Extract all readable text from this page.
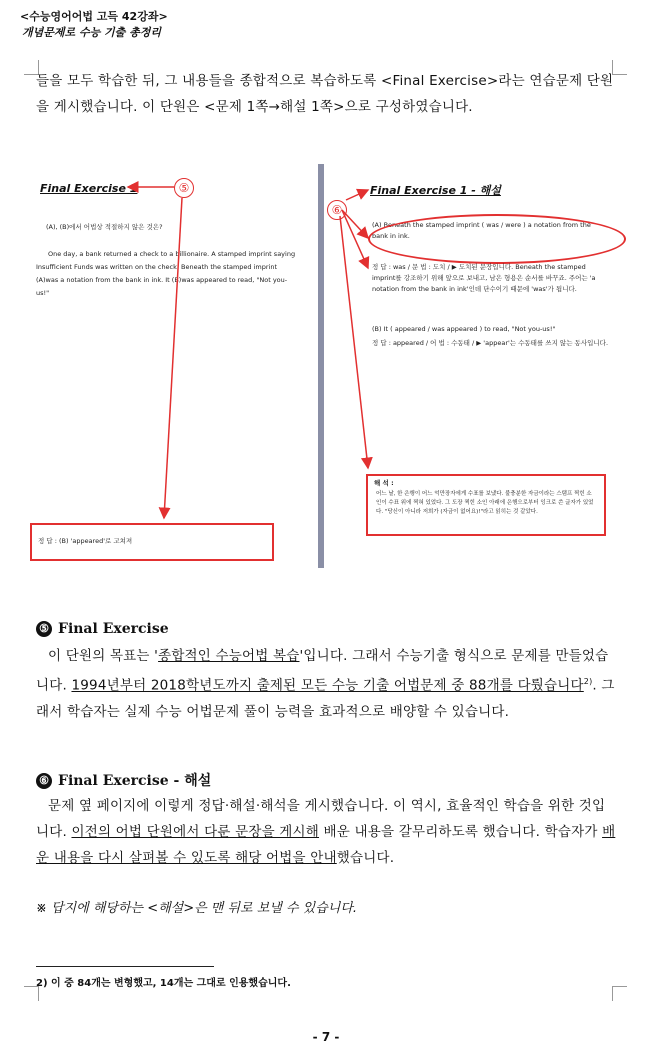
<수능영어어법 고득 42강좌>
개념문제로 수능 기출 총정리
들을 모두 학습한 뒤, 그 내용들을 종합적으로 복습하도록 <Final Exercise>라는 연습문제 단원을 게시했습니다. 이 단원은 <문제 1쪽→해설 1쪽>으로 구성하였습니다.
Final Exercise 1	⑤
(A), (B)에서 어법상 적절하지 않은 것은?
One day, a bank returned a check to a billionaire. A stamped imprint saying Insufficient Funds was written on the check. Beneath the stamped imprint (A)was a notation from the bank in ink. It (B)was appeared to read, "Not you-us!"
정 답 : (B) 'appeared'로 고쳐져
Final Exercise 1 - 해설
⑥
(A) Beneath the stamped imprint ( was / were ) a notation from the bank in ink.
정 답 : was / 문 법 : 도치 / ▶ 도치된 문장입니다. Beneath the stamped imprint를 강조하기 위해 앞으로 보내고, 남은 형용은 순서를 바꾸죠. 주어는 'a notation from the bank in ink'인데 단수이기 때문에 'was'가 됩니다.
(B) It ( appeared / was appeared ) to read, "Not you-us!"
정 답 : appeared / 어 법 : 수동태 / ▶ 'appear'는 수동태를 쓰지 않는 동사입니다.
해 석 :
어느 날, 한 은행이 어느 억만장자에게 수표를 보냈다. 불충분한 자금이라는 스탬프 찍힌 소인이 수표 위에 찍혀 있었다. 그 도장 찍힌 소인 아래에 은행으로부터 잉크로 쓴 글자가 있었다. "당신이 아니라 저희가 (자금이 없어요)!"라고 읽히는 것 같았다.
⑤ Final Exercise
이 단원의 목표는 '종합적인 수능어법 복습'입니다. 그래서 수능기출 형식으로 문제를 만들었습니다. 1994년부터 2018학년도까지 출제된 모든 수능 기출 어법문제 중 88개를 다뤘습니다$^{2)}$. 그래서 학습자는 실제 수능 어법문제 풀이 능력을 효과적으로 배양할 수 있습니다.
⑥ Final Exercise - 해설
문제 옆 페이지에 이렇게 정답·해설·해석을 게시했습니다. 이 역시, 효율적인 학습을 위한 것입니다. 이전의 어법 단원에서 다룬 문장을 게시해 배운 내용을 갈무리하도록 했습니다. 학습자가 배운 내용을 다시 살펴볼 수 있도록 해당 어법을 안내했습니다.
※ 답지에 해당하는 <해설>은 맨 뒤로 보낼 수 있습니다.
2) 이 중 84개는 변형했고, 14개는 그대로 인용했습니다.
- 7 -
